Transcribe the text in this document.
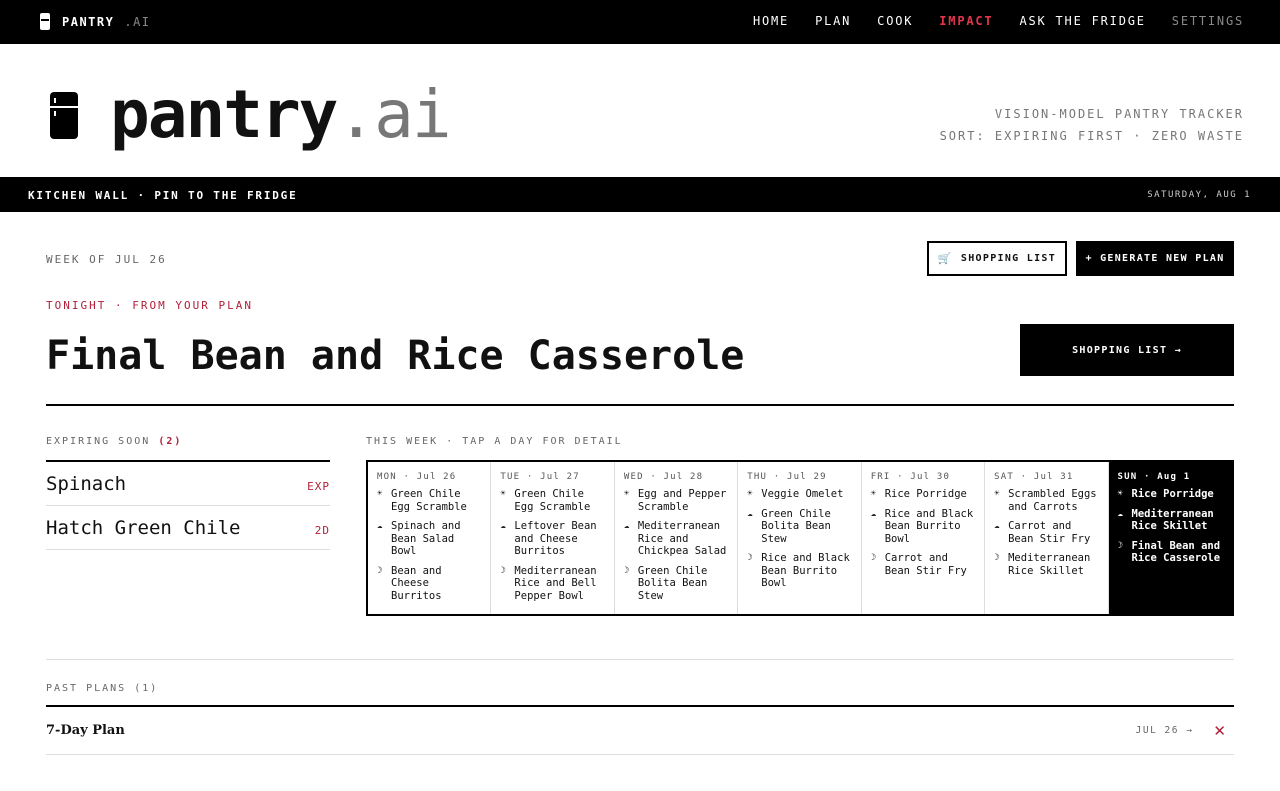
PANTRY .AI	HOME PLAN COOK IMPACT ASK THE FRIDGE SETTINGS
pantry.ai	VISION-MODEL PANTRY TRACKER
SORT: EXPIRING FIRST · ZERO WASTE
KITCHEN WALL · PIN TO THE FRIDGE	SATURDAY, AUG 1
WEEK OF JUL 26	🛒 SHOPPING LIST	+ GENERATE NEW PLAN
TONIGHT · FROM YOUR PLAN
Final Bean and Rice Casserole	SHOPPING LIST →
EXPIRING SOON (2)
Spinach	EXP
Hatch Green Chile	2D
THIS WEEK · TAP A DAY FOR DETAIL
MON · Jul 26
☀ Green Chile Egg Scramble
☁ Spinach and Bean Salad Bowl
☽ Bean and Cheese Burritos
TUE · Jul 27
☀ Green Chile Egg Scramble
☁ Leftover Bean and Cheese Burritos
☽ Mediterranean Rice and Bell Pepper Bowl
WED · Jul 28
☀ Egg and Pepper Scramble
☁ Mediterranean Rice and Chickpea Salad
☽ Green Chile Bolita Bean Stew
THU · Jul 29
☀ Veggie Omelet
☁ Green Chile Bolita Bean Stew
☽ Rice and Black Bean Burrito Bowl
FRI · Jul 30
☀ Rice Porridge
☁ Rice and Black Bean Burrito Bowl
☽ Carrot and Bean Stir Fry
SAT · Jul 31
☀ Scrambled Eggs and Carrots
☁ Carrot and Bean Stir Fry
☽ Mediterranean Rice Skillet
SUN · Aug 1
☀ Rice Porridge
☁ Mediterranean Rice Skillet
☽ Final Bean and Rice Casserole
PAST PLANS (1)
7-Day Plan	JUL 26 → ✕
